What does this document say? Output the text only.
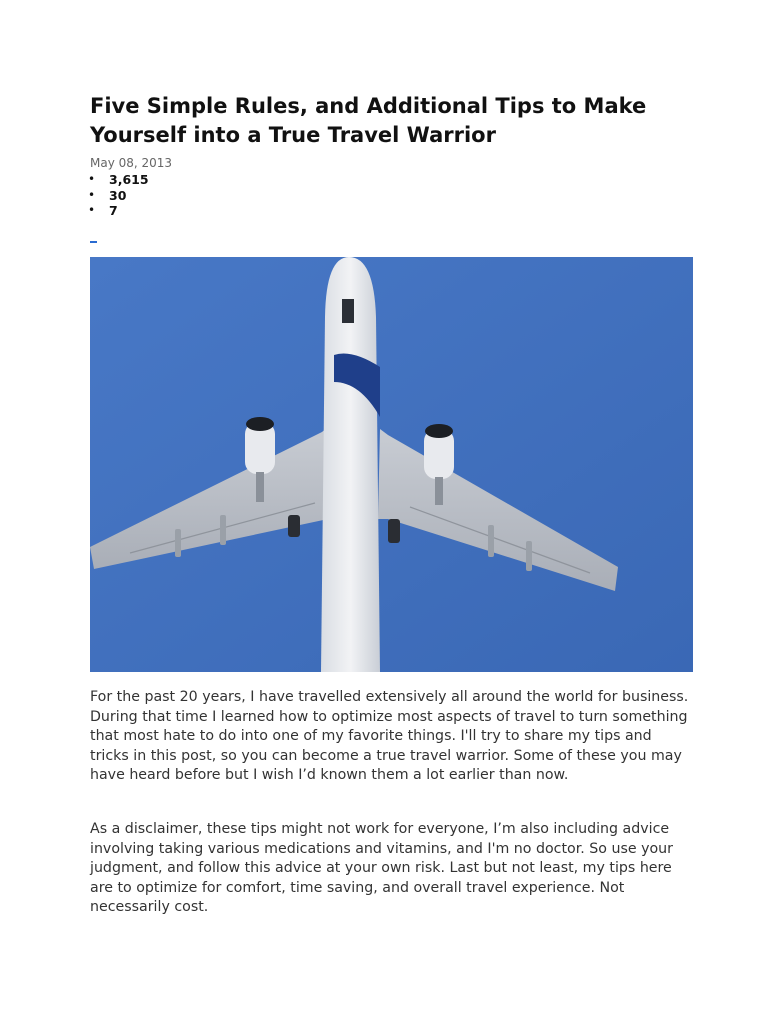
Five Simple Rules, and Additional Tips to Make Yourself into a True Travel Warrior
May 08, 2013
• 3,615
• 30
• 7

For the past 20 years, I have travelled extensively all around the world for business. During that time I learned how to optimize most aspects of travel to turn something that most hate to do into one of my favorite things. I'll try to share my tips and tricks in this post, so you can become a true travel warrior. Some of these you may have heard before but I wish I’d known them a lot earlier than now.

As a disclaimer, these tips might not work for everyone, I’m also including advice involving taking various medications and vitamins, and I'm no doctor. So use your judgment, and follow this advice at your own risk. Last but not least, my tips here are to optimize for comfort, time saving, and overall travel experience. Not necessarily cost.
